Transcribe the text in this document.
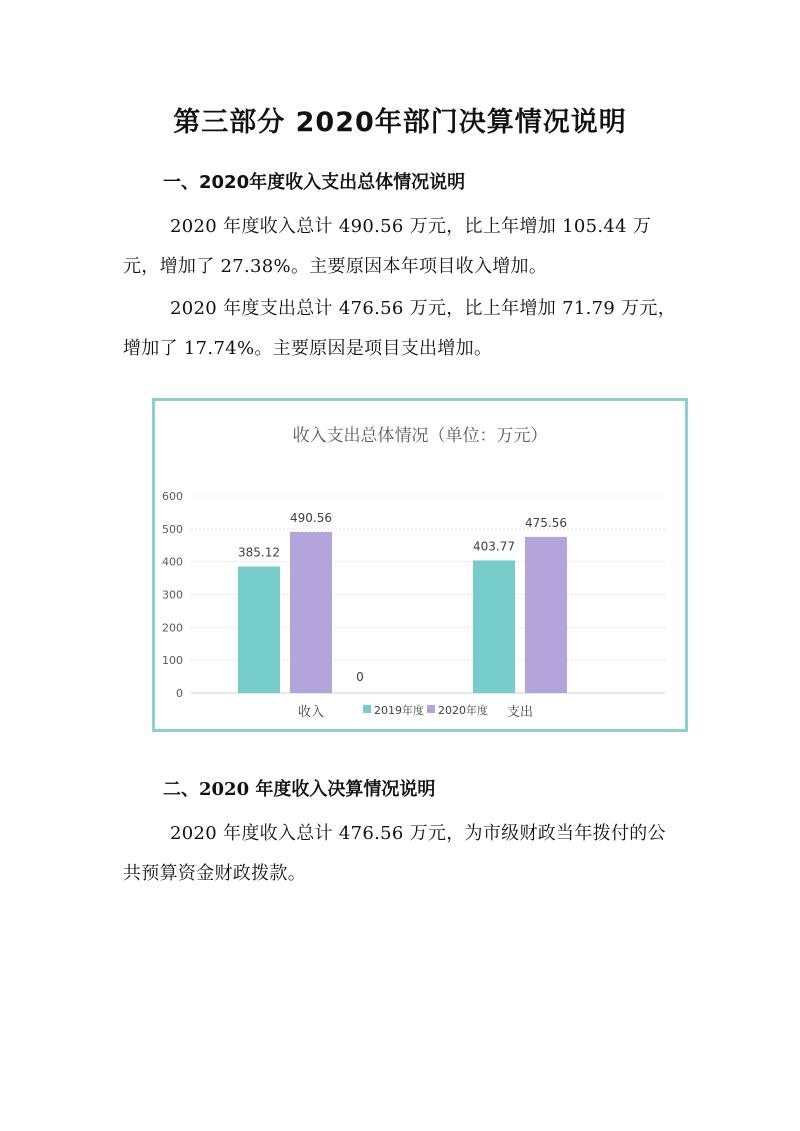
第三部分 2020年部门决算情况说明
一、2020年度收入支出总体情况说明

2020 年度收入总计 490.56 万元，比上年增加 105.44 万元，增加了 27.38%。主要原因本年项目收入增加。

2020 年度支出总计 476.56 万元，比上年增加 71.79 万元，增加了 17.74%。主要原因是项目支出增加。

收入支出总体情况（单位：万元）
0
100
200
300
400
500
600
385.12
0
403.77
490.56	475.56
收入	支出
2019年度 2020年度
二、2020 年度收入决算情况说明

2020 年度收入总计 476.56 万元，为市级财政当年拨付的公共预算资金财政拨款。
